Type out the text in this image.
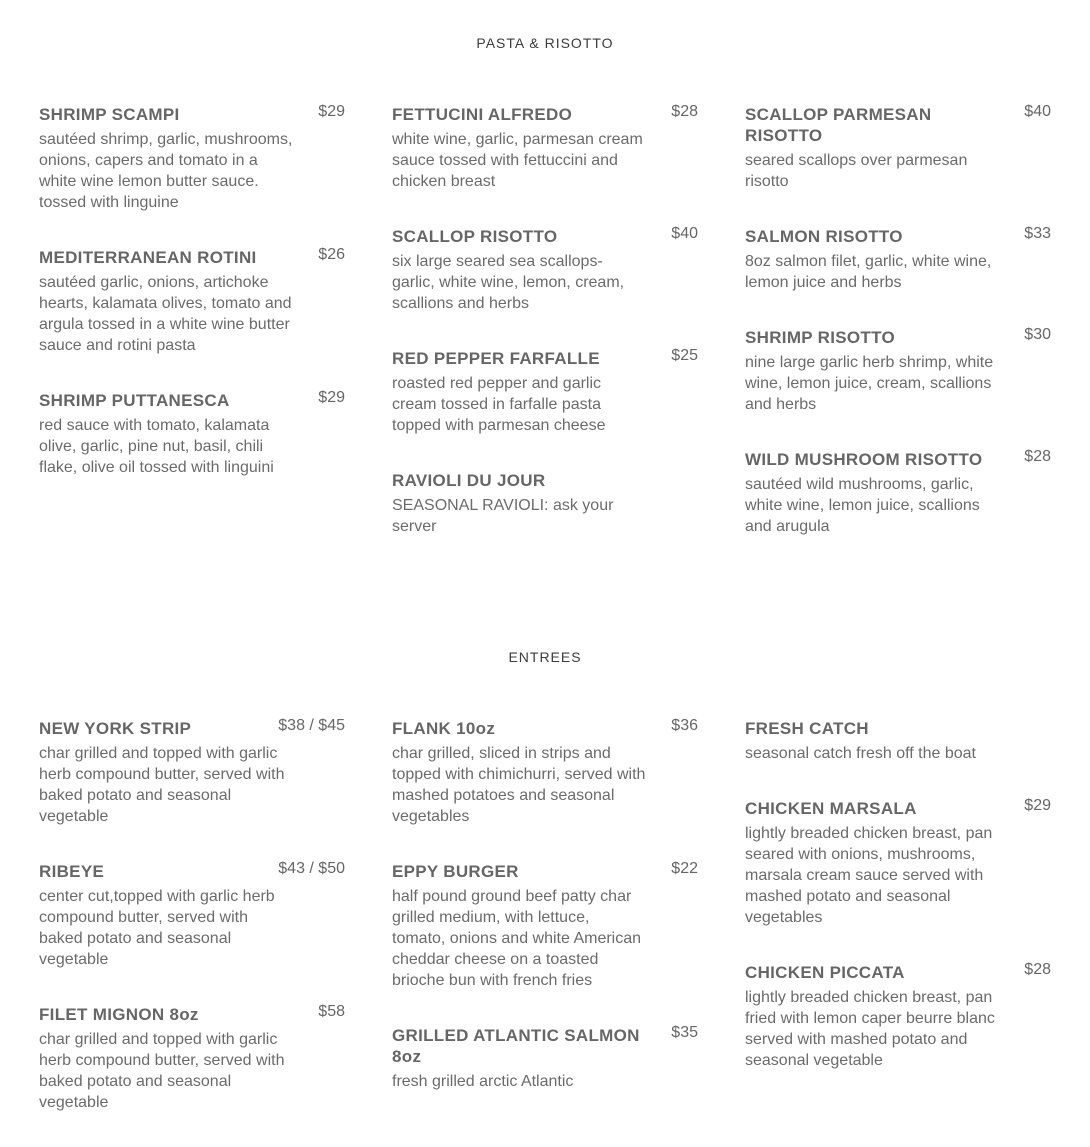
PASTA & RISOTTO
SHRIMP SCAMPI	$29
sautéed shrimp, garlic, mushrooms, onions, capers and tomato in a white wine lemon butter sauce. tossed with linguine
MEDITERRANEAN ROTINI	$26
sautéed garlic, onions, artichoke hearts, kalamata olives, tomato and argula tossed in a white wine butter sauce and rotini pasta
SHRIMP PUTTANESCA	$29
red sauce with tomato, kalamata olive, garlic, pine nut, basil, chili flake, olive oil tossed with linguini
FETTUCINI ALFREDO	$28
white wine, garlic, parmesan cream sauce tossed with fettuccini and chicken breast
SCALLOP RISOTTO	$40
six large seared sea scallops- garlic, white wine, lemon, cream, scallions and herbs
RED PEPPER FARFALLE	$25
roasted red pepper and garlic cream tossed in farfalle pasta topped with parmesan cheese
RAVIOLI DU JOUR
SEASONAL RAVIOLI: ask your server
SCALLOP PARMESAN RISOTTO
$40
seared scallops over parmesan risotto
SALMON RISOTTO	$33
8oz salmon filet, garlic, white wine, lemon juice and herbs
SHRIMP RISOTTO	$30
nine large garlic herb shrimp, white wine, lemon juice, cream, scallions and herbs
WILD MUSHROOM RISOTTO	$28
sautéed wild mushrooms, garlic, white wine, lemon juice, scallions and arugula
ENTREES
NEW YORK STRIP	$38 / $45
char grilled and topped with garlic herb compound butter, served with baked potato and seasonal vegetable
RIBEYE	$43 / $50
center cut,topped with garlic herb compound butter, served with baked potato and seasonal vegetable
FILET MIGNON 8oz	$58
char grilled and topped with garlic herb compound butter, served with baked potato and seasonal vegetable
FLANK 10oz	$36
char grilled, sliced in strips and topped with chimichurri, served with mashed potatoes and seasonal vegetables
EPPY BURGER	$22
half pound ground beef patty char grilled medium, with lettuce, tomato, onions and white American cheddar cheese on a toasted brioche bun with french fries
GRILLED ATLANTIC SALMON 8oz
$35
fresh grilled arctic Atlantic
FRESH CATCH
seasonal catch fresh off the boat
CHICKEN MARSALA	$29
lightly breaded chicken breast, pan seared with onions, mushrooms, marsala cream sauce served with mashed potato and seasonal vegetables
CHICKEN PICCATA	$28
lightly breaded chicken breast, pan fried with lemon caper beurre blanc served with mashed potato and seasonal vegetable
